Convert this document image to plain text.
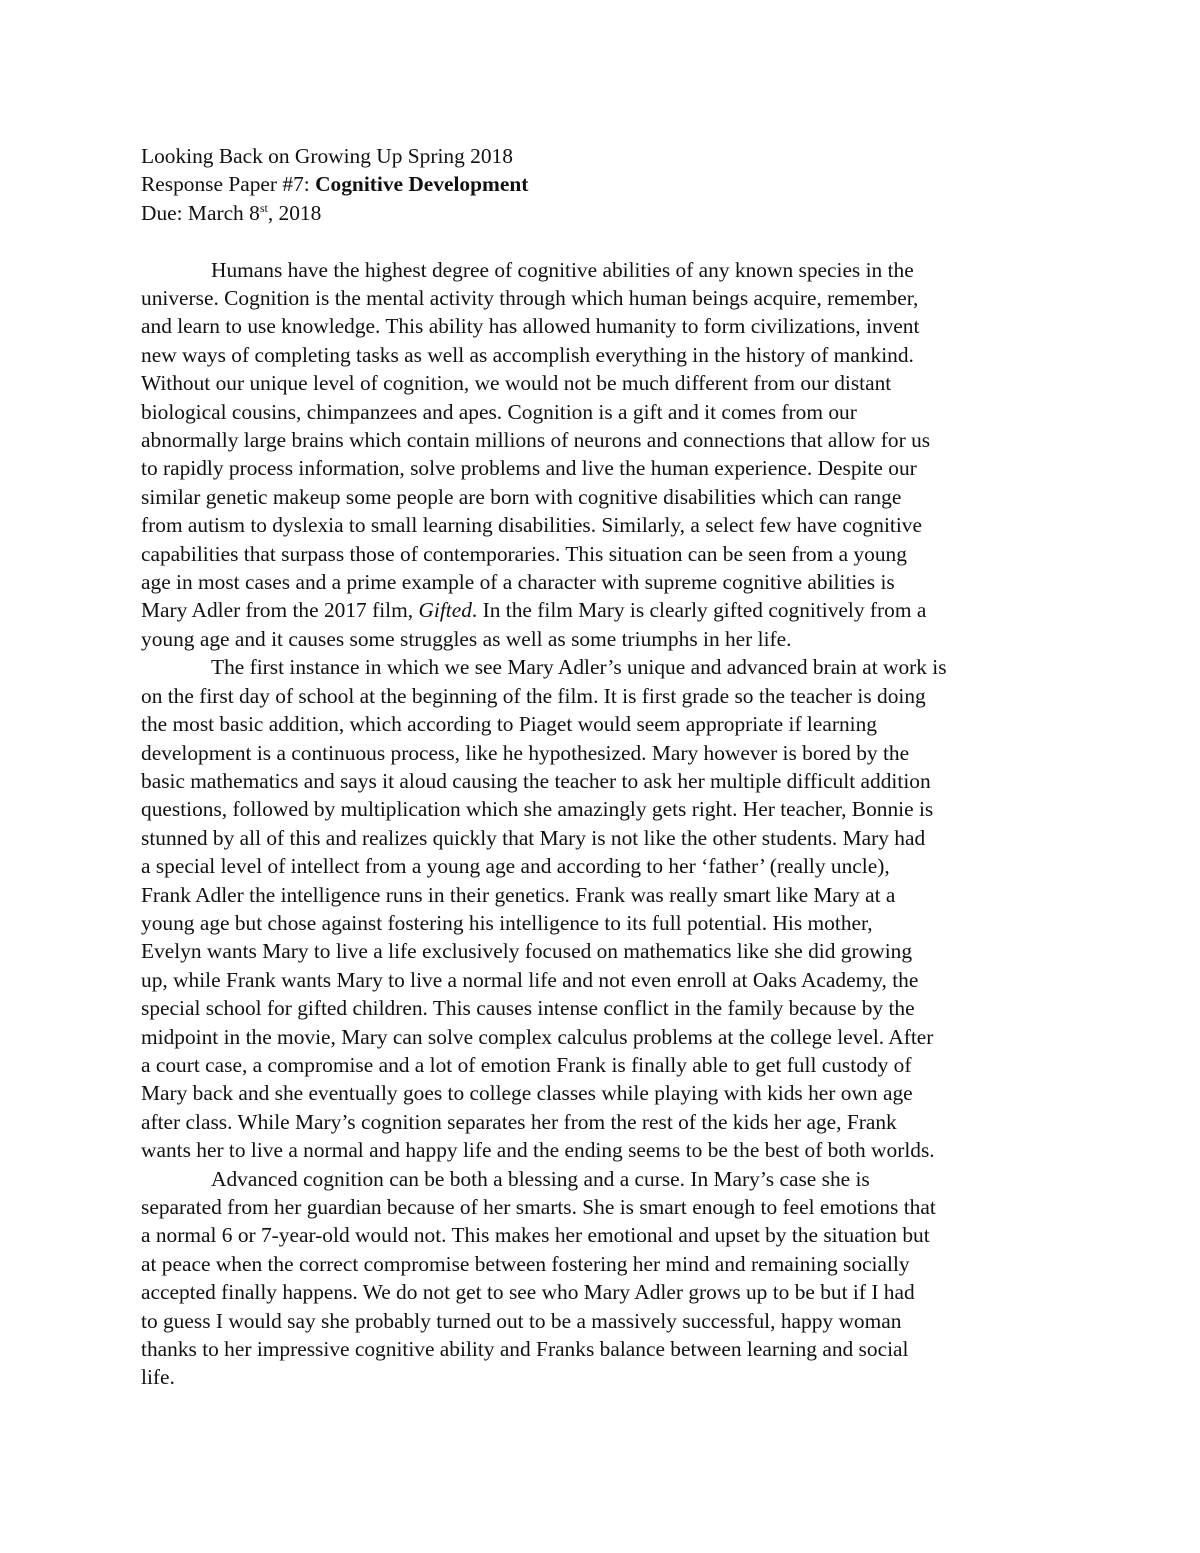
Looking Back on Growing Up Spring 2018

Response Paper #7: Cognitive Development

Due: March 8st, 2018

Humans have the highest degree of cognitive abilities of any known species in the
universe. Cognition is the mental activity through which human beings acquire, remember,
and learn to use knowledge. This ability has allowed humanity to form civilizations, invent
new ways of completing tasks as well as accomplish everything in the history of mankind.
Without our unique level of cognition, we would not be much different from our distant
biological cousins, chimpanzees and apes. Cognition is a gift and it comes from our
abnormally large brains which contain millions of neurons and connections that allow for us
to rapidly process information, solve problems and live the human experience. Despite our
similar genetic makeup some people are born with cognitive disabilities which can range
from autism to dyslexia to small learning disabilities. Similarly, a select few have cognitive
capabilities that surpass those of contemporaries. This situation can be seen from a young
age in most cases and a prime example of a character with supreme cognitive abilities is
Mary Adler from the 2017 film, Gifted. In the film Mary is clearly gifted cognitively from a
young age and it causes some struggles as well as some triumphs in her life.

The first instance in which we see Mary Adler’s unique and advanced brain at work is
on the first day of school at the beginning of the film. It is first grade so the teacher is doing
the most basic addition, which according to Piaget would seem appropriate if learning
development is a continuous process, like he hypothesized. Mary however is bored by the
basic mathematics and says it aloud causing the teacher to ask her multiple difficult addition
questions, followed by multiplication which she amazingly gets right. Her teacher, Bonnie is
stunned by all of this and realizes quickly that Mary is not like the other students. Mary had
a special level of intellect from a young age and according to her ‘father’ (really uncle),
Frank Adler the intelligence runs in their genetics. Frank was really smart like Mary at a
young age but chose against fostering his intelligence to its full potential. His mother,
Evelyn wants Mary to live a life exclusively focused on mathematics like she did growing
up, while Frank wants Mary to live a normal life and not even enroll at Oaks Academy, the
special school for gifted children. This causes intense conflict in the family because by the
midpoint in the movie, Mary can solve complex calculus problems at the college level. After
a court case, a compromise and a lot of emotion Frank is finally able to get full custody of
Mary back and she eventually goes to college classes while playing with kids her own age
after class. While Mary’s cognition separates her from the rest of the kids her age, Frank
wants her to live a normal and happy life and the ending seems to be the best of both worlds.

Advanced cognition can be both a blessing and a curse. In Mary’s case she is
separated from her guardian because of her smarts. She is smart enough to feel emotions that
a normal 6 or 7-year-old would not. This makes her emotional and upset by the situation but
at peace when the correct compromise between fostering her mind and remaining socially
accepted finally happens. We do not get to see who Mary Adler grows up to be but if I had
to guess I would say she probably turned out to be a massively successful, happy woman
thanks to her impressive cognitive ability and Franks balance between learning and social
life.
